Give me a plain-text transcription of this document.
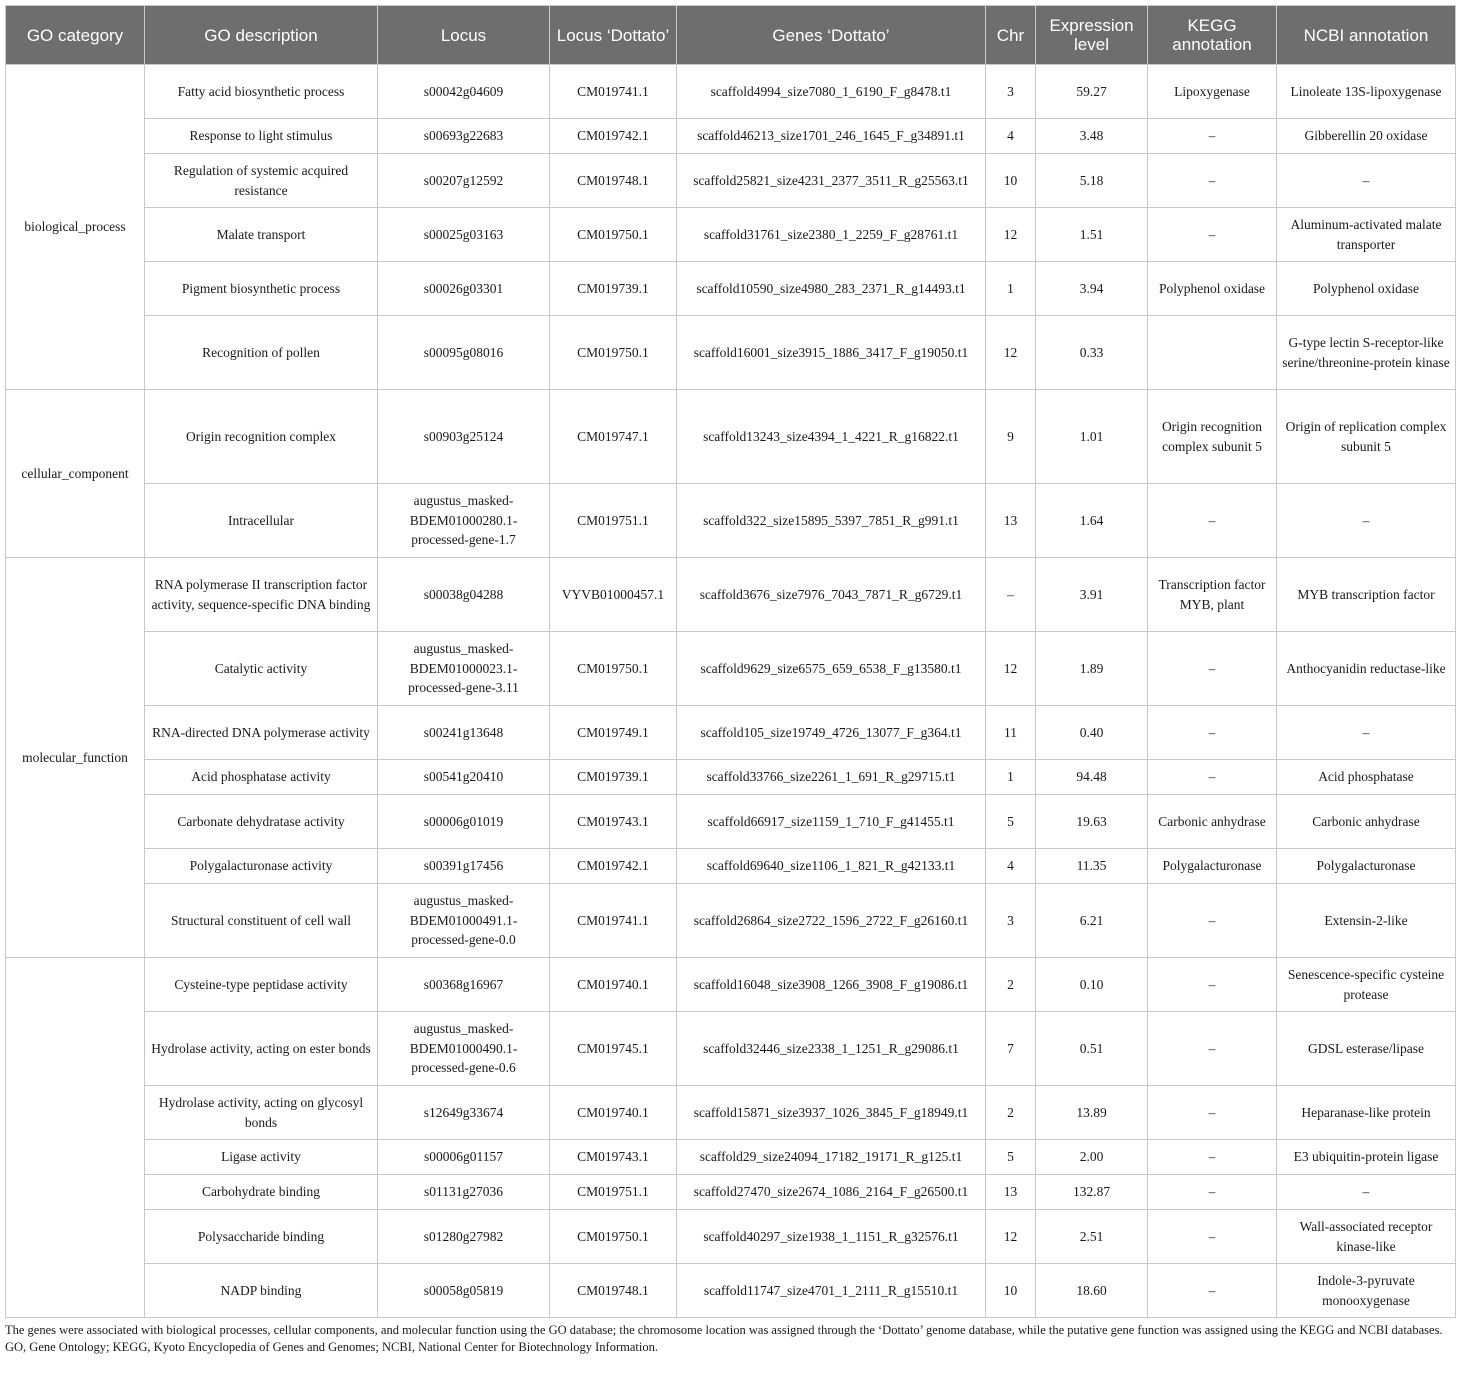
GO category	GO description	Locus	Locus ‘Dottato’	Genes ‘Dottato’	Chr	Expression level	KEGG annotation	NCBI annotation
biological_process	Fatty acid biosynthetic process	s00042g04609	CM019741.1	scaffold4994_size7080_1_6190_F_g8478.t1	3	59.27	Lipoxygenase	Linoleate 13S-lipoxygenase
	Response to light stimulus	s00693g22683	CM019742.1	scaffold46213_size1701_246_1645_F_g34891.t1	4	3.48	–	Gibberellin 20 oxidase
	Regulation of systemic acquired resistance	s00207g12592	CM019748.1	scaffold25821_size4231_2377_3511_R_g25563.t1	10	5.18	–	–
	Malate transport	s00025g03163	CM019750.1	scaffold31761_size2380_1_2259_F_g28761.t1	12	1.51	–	Aluminum-activated malate transporter
	Pigment biosynthetic process	s00026g03301	CM019739.1	scaffold10590_size4980_283_2371_R_g14493.t1	1	3.94	Polyphenol oxidase	Polyphenol oxidase
	Recognition of pollen	s00095g08016	CM019750.1	scaffold16001_size3915_1886_3417_F_g19050.t1	12	0.33		G-type lectin S-receptor-like serine/threonine-protein kinase
cellular_component	Origin recognition complex	s00903g25124	CM019747.1	scaffold13243_size4394_1_4221_R_g16822.t1	9	1.01	Origin recognition complex subunit 5	Origin of replication complex subunit 5
	Intracellular	augustus_masked-BDEM01000280.1-processed-gene-1.7	CM019751.1	scaffold322_size15895_5397_7851_R_g991.t1	13	1.64	–	–
molecular_function	RNA polymerase II transcription factor activity, sequence-specific DNA binding	s00038g04288	VYVB01000457.1	scaffold3676_size7976_7043_7871_R_g6729.t1	–	3.91	Transcription factor MYB, plant	MYB transcription factor
	Catalytic activity	augustus_masked-BDEM01000023.1-processed-gene-3.11	CM019750.1	scaffold9629_size6575_659_6538_F_g13580.t1	12	1.89	–	Anthocyanidin reductase-like
	RNA-directed DNA polymerase activity	s00241g13648	CM019749.1	scaffold105_size19749_4726_13077_F_g364.t1	11	0.40	–	–
	Acid phosphatase activity	s00541g20410	CM019739.1	scaffold33766_size2261_1_691_R_g29715.t1	1	94.48	–	Acid phosphatase
	Carbonate dehydratase activity	s00006g01019	CM019743.1	scaffold66917_size1159_1_710_F_g41455.t1	5	19.63	Carbonic anhydrase	Carbonic anhydrase
	Polygalacturonase activity	s00391g17456	CM019742.1	scaffold69640_size1106_1_821_R_g42133.t1	4	11.35	Polygalacturonase	Polygalacturonase
	Structural constituent of cell wall	augustus_masked-BDEM01000491.1-processed-gene-0.0	CM019741.1	scaffold26864_size2722_1596_2722_F_g26160.t1	3	6.21	–	Extensin-2-like
	Cysteine-type peptidase activity	s00368g16967	CM019740.1	scaffold16048_size3908_1266_3908_F_g19086.t1	2	0.10	–	Senescence-specific cysteine protease
	Hydrolase activity, acting on ester bonds	augustus_masked-BDEM01000490.1-processed-gene-0.6	CM019745.1	scaffold32446_size2338_1_1251_R_g29086.t1	7	0.51	–	GDSL esterase/lipase
	Hydrolase activity, acting on glycosyl bonds	s12649g33674	CM019740.1	scaffold15871_size3937_1026_3845_F_g18949.t1	2	13.89	–	Heparanase-like protein
	Ligase activity	s00006g01157	CM019743.1	scaffold29_size24094_17182_19171_R_g125.t1	5	2.00	–	E3 ubiquitin-protein ligase
	Carbohydrate binding	s01131g27036	CM019751.1	scaffold27470_size2674_1086_2164_F_g26500.t1	13	132.87	–	–
	Polysaccharide binding	s01280g27982	CM019750.1	scaffold40297_size1938_1_1151_R_g32576.t1	12	2.51	–	Wall-associated receptor kinase-like
	NADP binding	s00058g05819	CM019748.1	scaffold11747_size4701_1_2111_R_g15510.t1	10	18.60	–	Indole-3-pyruvate monooxygenase

The genes were associated with biological processes, cellular components, and molecular function using the GO database; the chromosome location was assigned through the ‘Dottato’ genome database, while the putative gene function was assigned using the KEGG and NCBI databases.

GO, Gene Ontology; KEGG, Kyoto Encyclopedia of Genes and Genomes; NCBI, National Center for Biotechnology Information.
